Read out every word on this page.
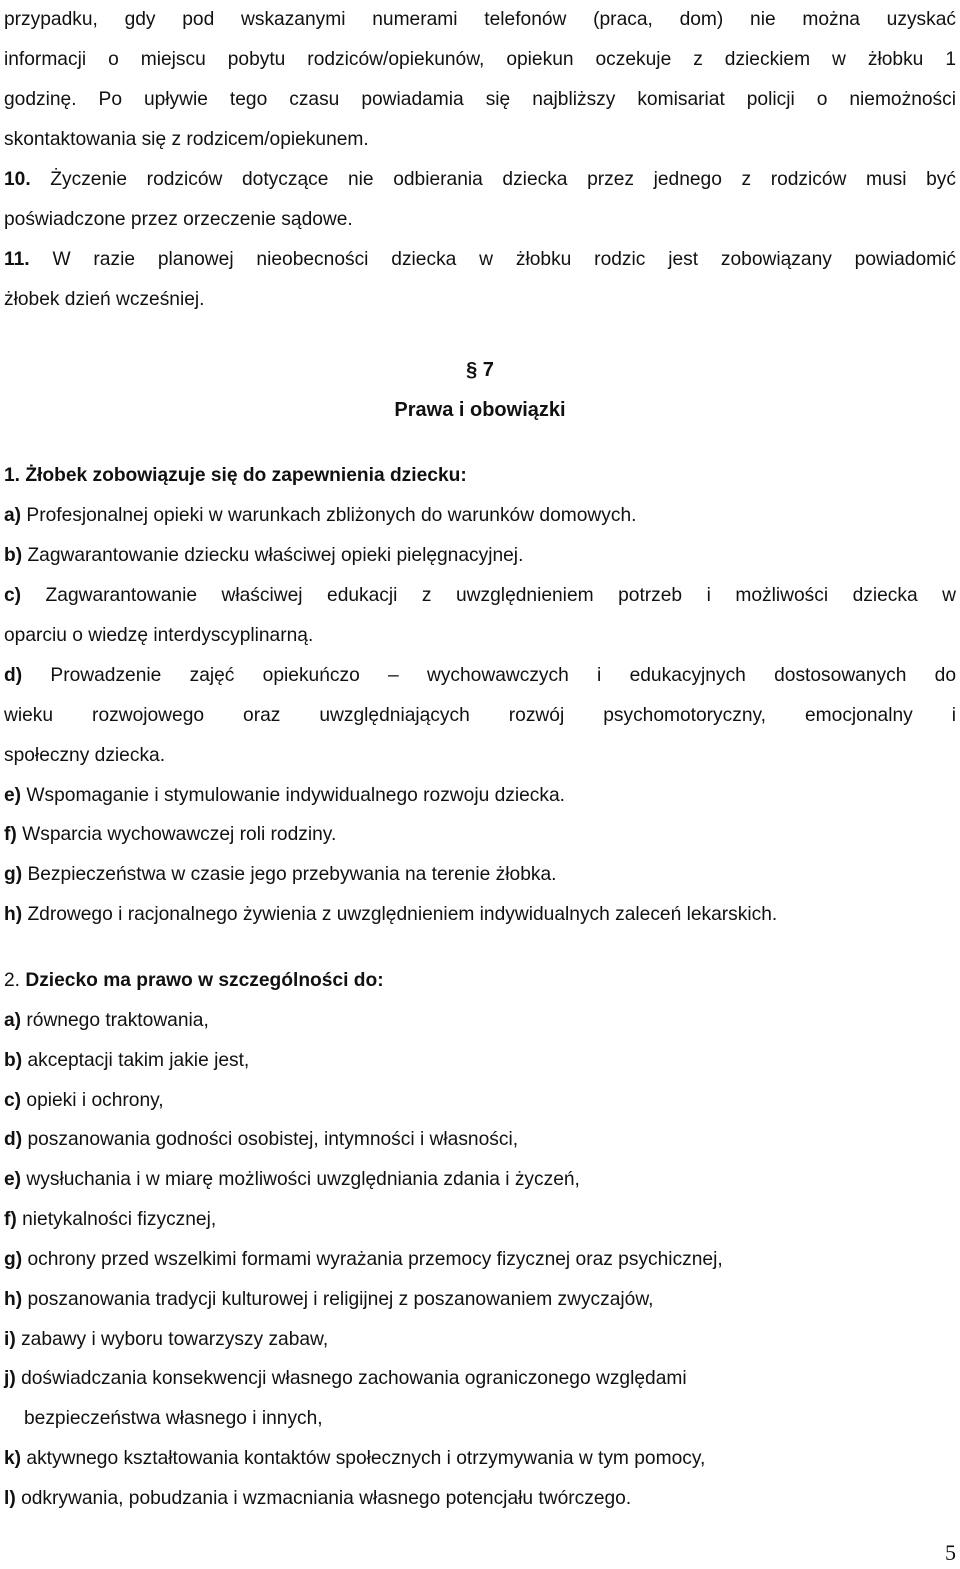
przypadku, gdy pod wskazanymi numerami telefonów (praca, dom) nie można uzyskać
informacji o miejscu pobytu rodziców/opiekunów, opiekun oczekuje z dzieckiem w żłobku 1
godzinę. Po upływie tego czasu powiadamia się najbliższy komisariat policji o niemożności
skontaktowania się z rodzicem/opiekunem.
10. Życzenie rodziców dotyczące nie odbierania dziecka przez jednego z rodziców musi być
poświadczone przez orzeczenie sądowe.
11. W razie planowej nieobecności dziecka w żłobku rodzic jest zobowiązany powiadomić
żłobek dzień wcześniej.
§ 7
Prawa i obowiązki
1. Żłobek zobowiązuje się do zapewnienia dziecku:
a) Profesjonalnej opieki w warunkach zbliżonych do warunków domowych.
b) Zagwarantowanie dziecku właściwej opieki pielęgnacyjnej.
c) Zagwarantowanie właściwej edukacji z uwzględnieniem potrzeb i możliwości dziecka w
oparciu o wiedzę interdyscyplinarną.
d) Prowadzenie zajęć opiekuńczo – wychowawczych i edukacyjnych dostosowanych do
wieku rozwojowego oraz uwzględniających rozwój psychomotoryczny, emocjonalny i
społeczny dziecka.
e) Wspomaganie i stymulowanie indywidualnego rozwoju dziecka.
f) Wsparcia wychowawczej roli rodziny.
g) Bezpieczeństwa w czasie jego przebywania na terenie żłobka.
h) Zdrowego i racjonalnego żywienia z uwzględnieniem indywidualnych zaleceń lekarskich.
2. Dziecko ma prawo w szczególności do:
a) równego traktowania,
b) akceptacji takim jakie jest,
c) opieki i ochrony,
d) poszanowania godności osobistej, intymności i własności,
e) wysłuchania i w miarę możliwości uwzględniania zdania i życzeń,
f) nietykalności fizycznej,
g) ochrony przed wszelkimi formami wyrażania przemocy fizycznej oraz psychicznej,
h) poszanowania tradycji kulturowej i religijnej z poszanowaniem zwyczajów,
i) zabawy i wyboru towarzyszy zabaw,
j) doświadczania konsekwencji własnego zachowania ograniczonego względami
bezpieczeństwa własnego i innych,
k) aktywnego kształtowania kontaktów społecznych i otrzymywania w tym pomocy,
l) odkrywania, pobudzania i wzmacniania własnego potencjału twórczego.
5
